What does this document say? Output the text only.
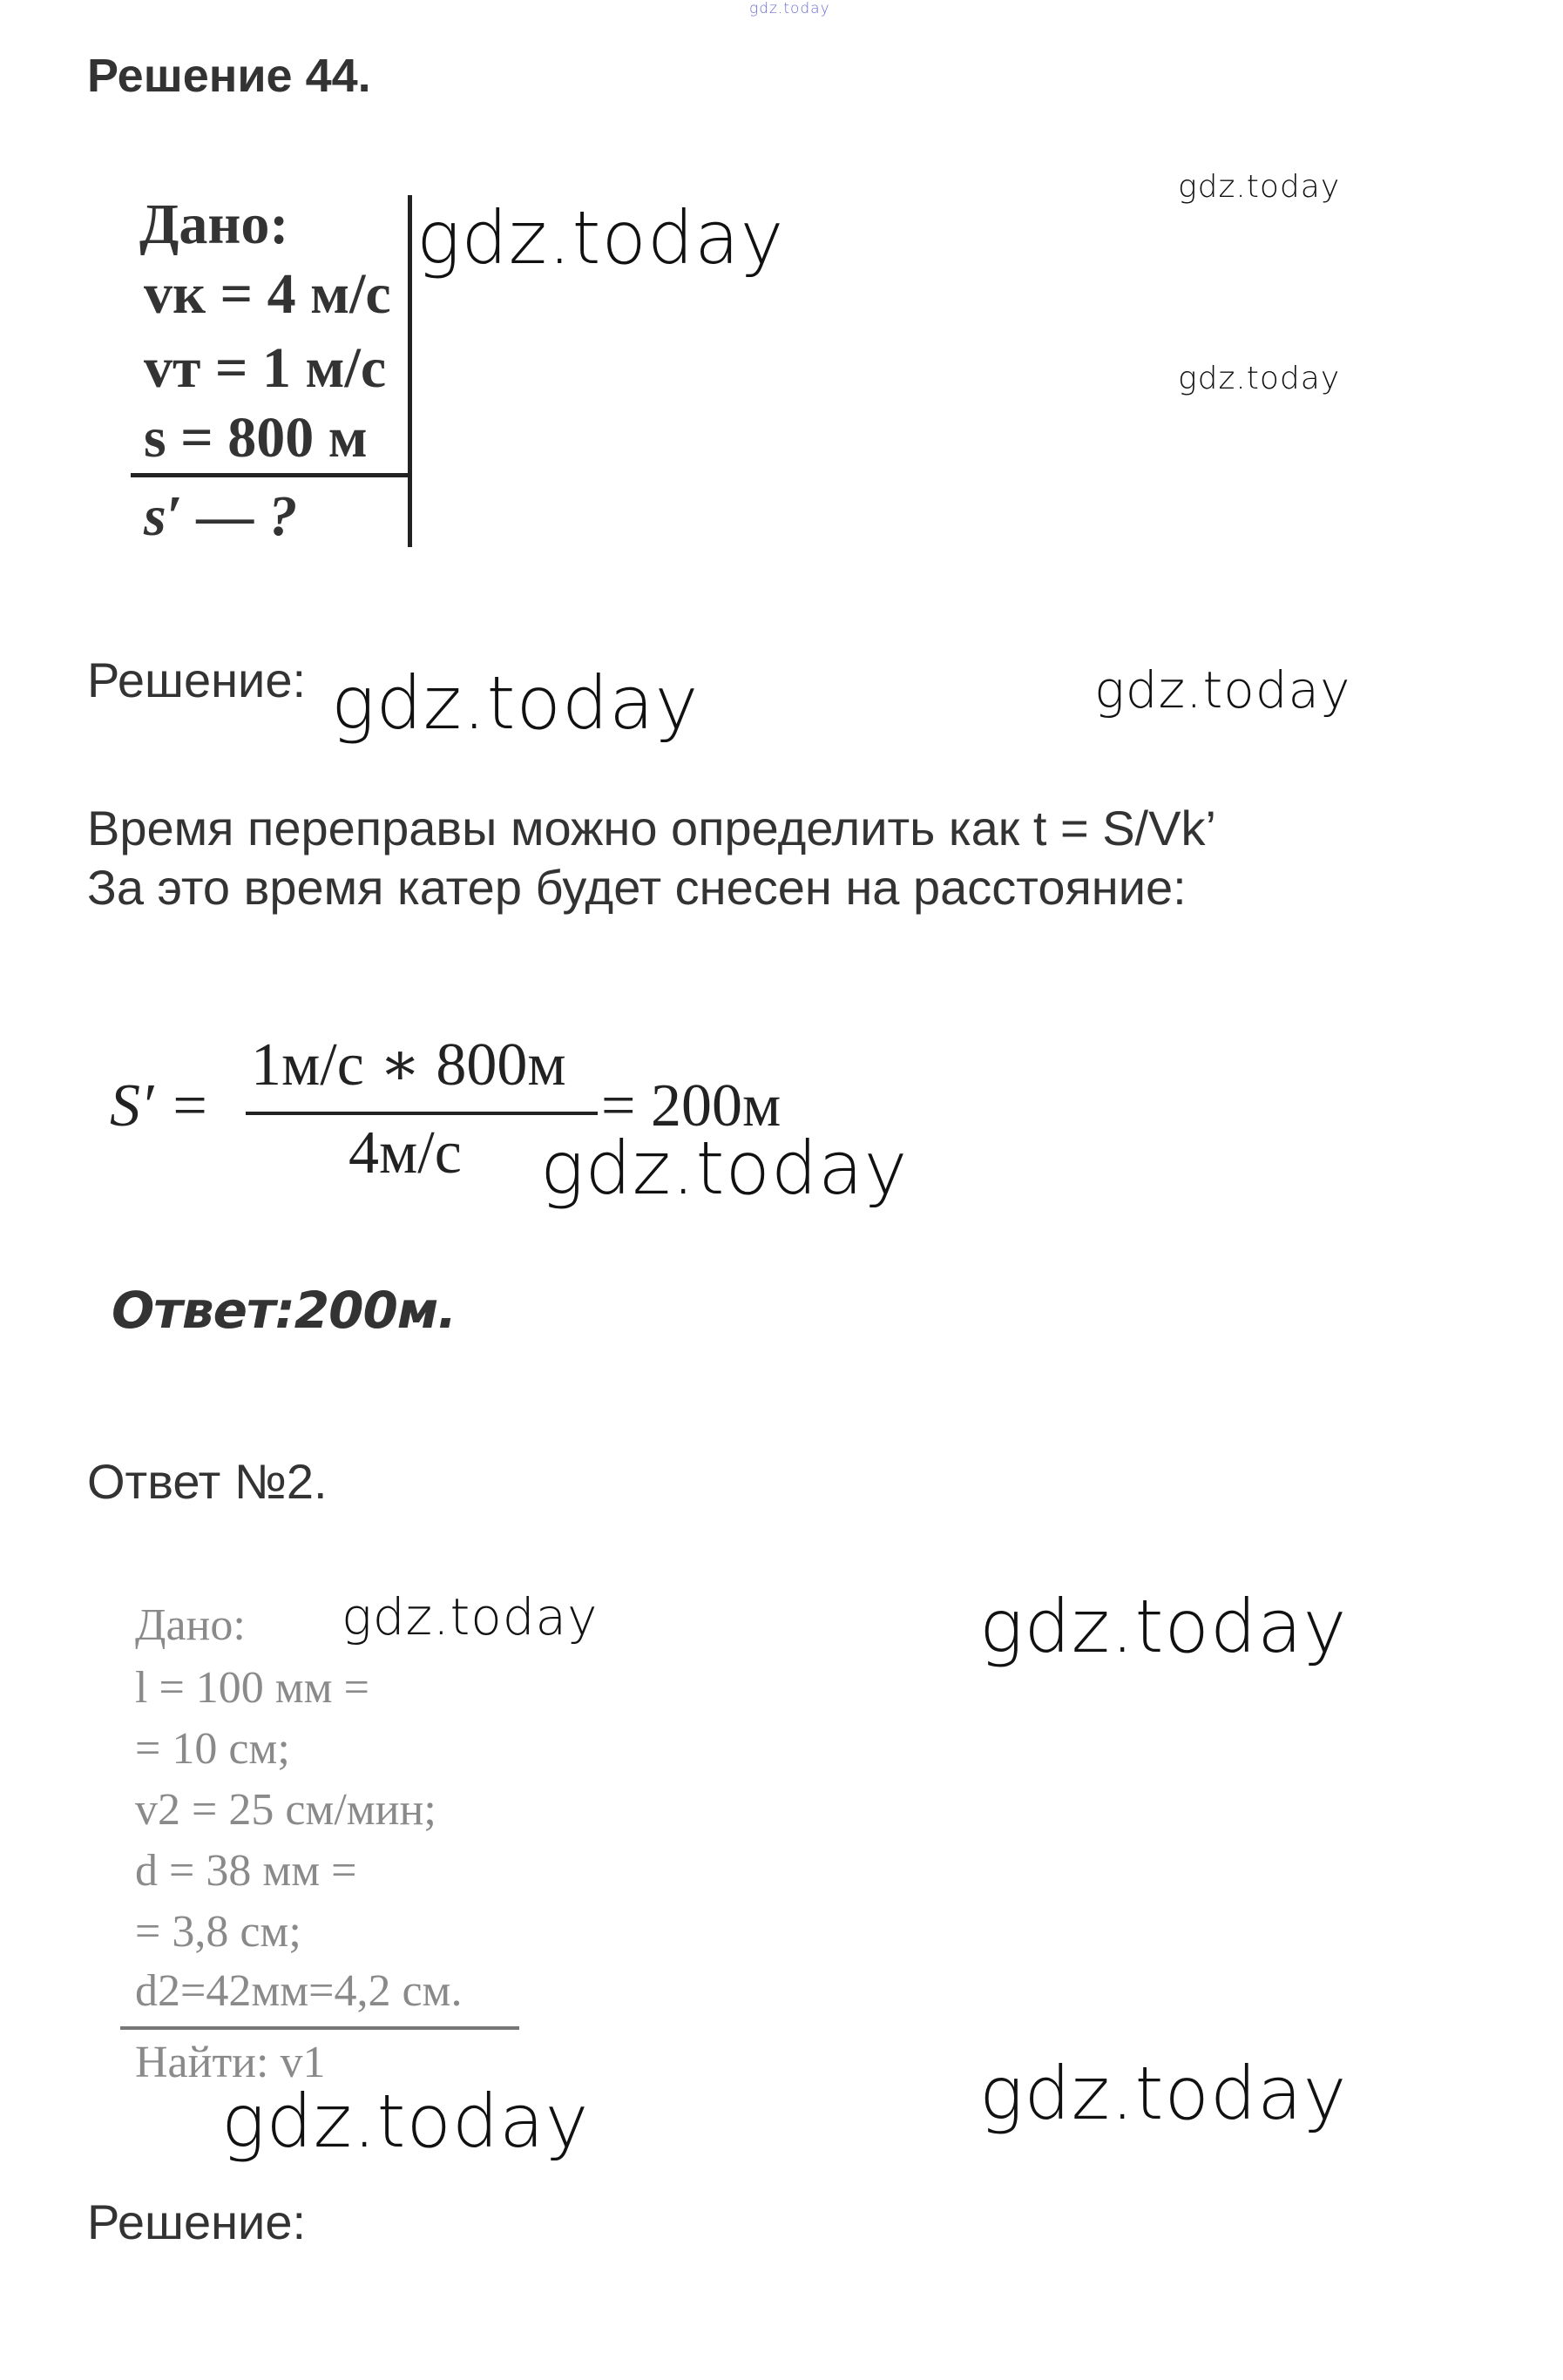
gdz.today
Решение 44.
Дано:
vк = 4 м/с
vт = 1 м/с
s = 800 м
s′ — ?
gdz.today
gdz.today
gdz.today
Решение: gdz.today	gdz.today
Время переправы можно определить как t = S/Vk’
За это время катер будет снесен на расстояние:
S′ =
1м/с ∗ 800м
4м/с
= 200м
gdz.today
Ответ:200м.
Ответ №2.
Дано:
l = 100 мм =
= 10 см;
v2 = 25 см/мин;
d = 38 мм =
= 3,8 см;
d2=42мм=4,2 см.
Найти: v1
gdz.today	gdz.today
gdz.today	gdz.today
Решение:
